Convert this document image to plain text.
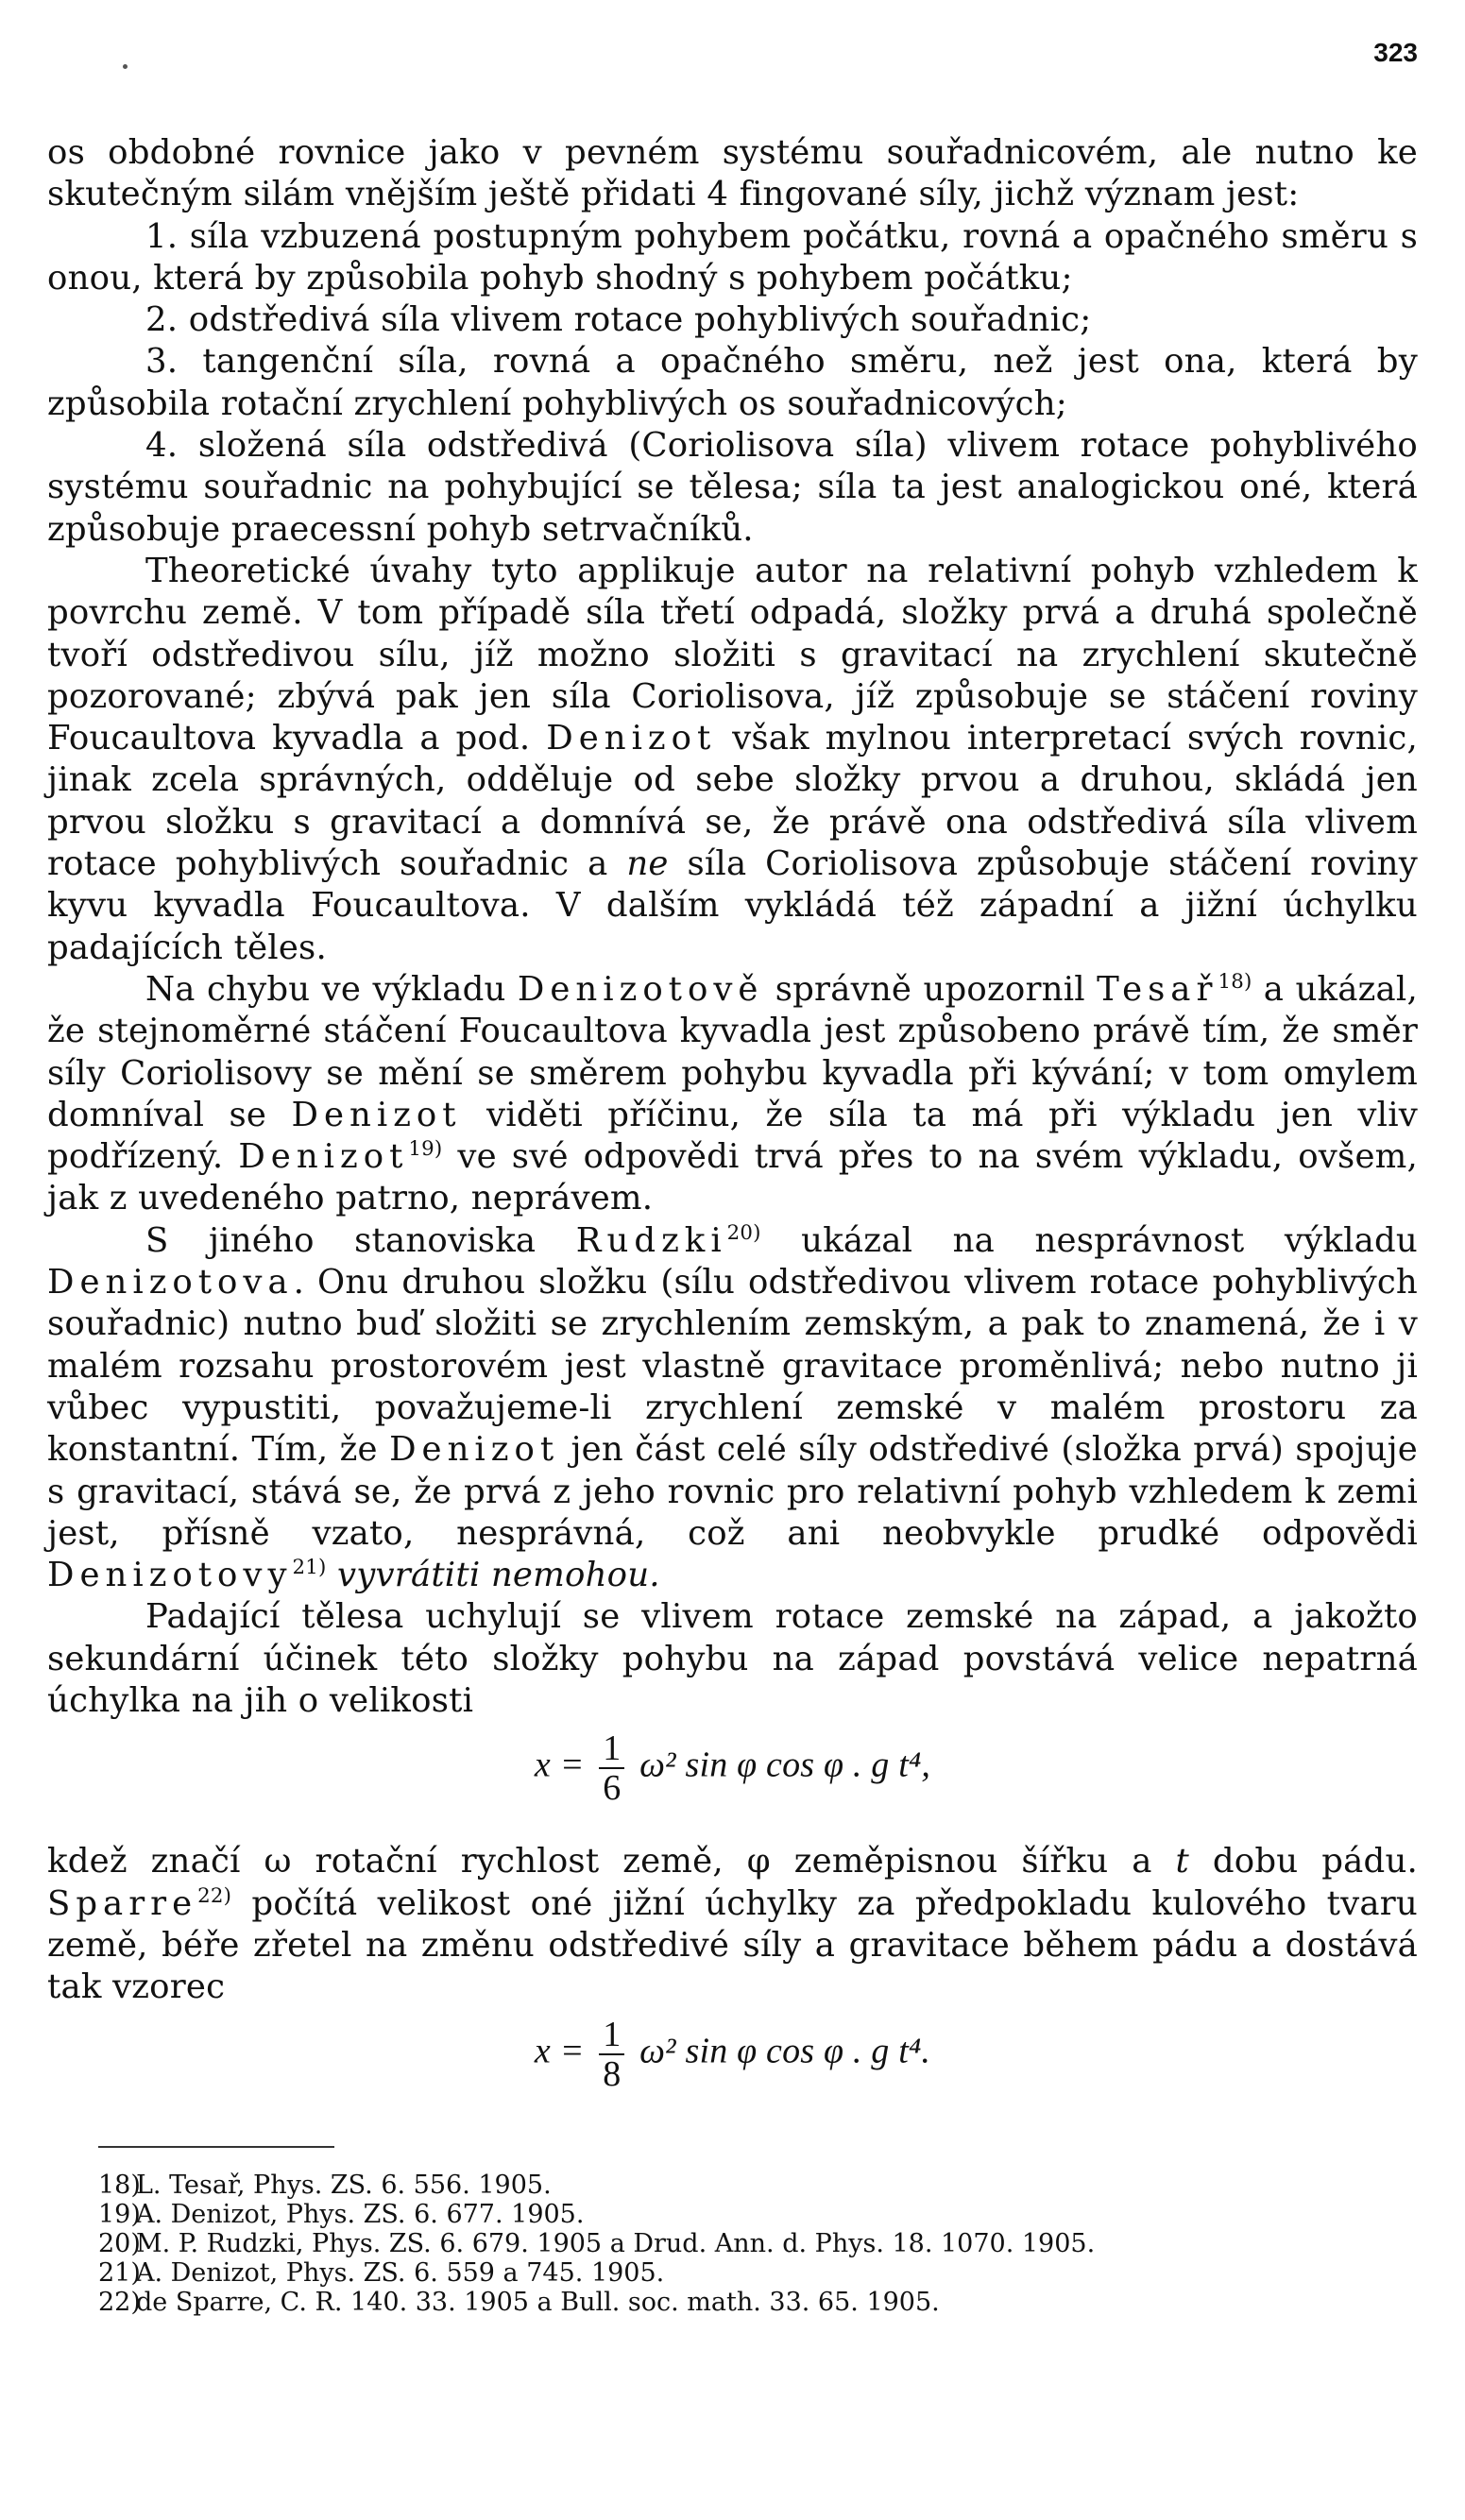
323

os obdobné rovnice jako v pevném systému souřadnicovém, ale nutno ke skutečným silám vnějším ještě přidati 4 fingované síly, jichž význam jest:

1. síla vzbuzená postupným pohybem počátku, rovná a opačného směru s onou, která by způsobila pohyb shodný s pohybem počátku;

2. odstředivá síla vlivem rotace pohyblivých souřadnic;

3. tangenční síla, rovná a opačného směru, než jest ona, která by způsobila rotační zrychlení pohyblivých os souřadnicových;

4. složená síla odstředivá (Coriolisova síla) vlivem rotace pohyblivého systému souřadnic na pohybující se tělesa; síla ta jest analogickou oné, která způsobuje praecessní pohyb setrvačníků.

Theoretické úvahy tyto applikuje autor na relativní pohyb vzhledem k povrchu země. V tom případě síla třetí odpadá, složky prvá a druhá společně tvoří odstředivou sílu, jíž možno složiti s gravitací na zrychlení skutečně pozorované; zbývá pak jen síla Coriolisova, jíž způsobuje se stáčení roviny Foucaultova kyvadla a pod. Denizot však mylnou interpretací svých rovnic, jinak zcela správných, odděluje od sebe složky prvou a druhou, skládá jen prvou složku s gravitací a domnívá se, že právě ona odstředivá síla vlivem rotace pohyblivých souřadnic a ne síla Coriolisova způsobuje stáčení roviny kyvu kyvadla Foucaultova. V dalším vykládá též západní a jižní úchylku padajících těles.

Na chybu ve výkladu Denizotově správně upozornil Tesař$^{18)}$ a ukázal, že stejnoměrné stáčení Foucaultova kyvadla jest způsobeno právě tím, že směr síly Coriolisovy se mění se směrem pohybu kyvadla při kývání; v tom omylem domníval se Denizot viděti příčinu, že síla ta má při výkladu jen vliv podřízený. Denizot$^{19)}$ ve své odpovědi trvá přes to na svém výkladu, ovšem, jak z uvedeného patrno, neprávem.

S jiného stanoviska Rudzki$^{20)}$ ukázal na nesprávnost výkladu Denizotova. Onu druhou složku (sílu odstředivou vlivem rotace pohyblivých souřadnic) nutno buď složiti se zrychlením zemským, a pak to znamená, že i v malém rozsahu prostorovém jest vlastně gravitace proměnlivá; nebo nutno ji vůbec vypustiti, považujeme-li zrychlení zemské v malém prostoru za konstantní. Tím, že Denizot jen část celé síly odstředivé (složka prvá) spojuje s gravitací, stává se, že prvá z jeho rovnic pro relativní pohyb vzhledem k zemi jest, přísně vzato, nesprávná, což ani neobvykle prudké odpovědi Denizotovy$^{21)}$ vyvrátiti nemohou.

Padající tělesa uchylují se vlivem rotace zemské na západ, a jakožto sekundární účinek této složky pohybu na západ povstává velice nepatrná úchylka na jih o velikosti

$x = \frac{1}{6} \omega^2$ sin φ cos φ . g t⁴,

kdež značí ω rotační rychlost země, φ zeměpisnou šířku a t dobu pádu. Sparre$^{22)}$ počítá velikost oné jižní úchylky za předpokladu kulového tvaru země, béře zřetel na změnu odstředivé síly a gravitace během pádu a dostává tak vzorec

$x = \frac{1}{8} \omega^2$ sin φ cos φ . g t⁴.
18)L. Tesař, Phys. ZS. 6. 556. 1905.
19)A. Denizot, Phys. ZS. 6. 677. 1905.
20)M. P. Rudzki, Phys. ZS. 6. 679. 1905 a Drud. Ann. d. Phys. 18. 1070. 1905.
21)A. Denizot, Phys. ZS. 6. 559 a 745. 1905.
22)de Sparre, C. R. 140. 33. 1905 a Bull. soc. math. 33. 65. 1905.
